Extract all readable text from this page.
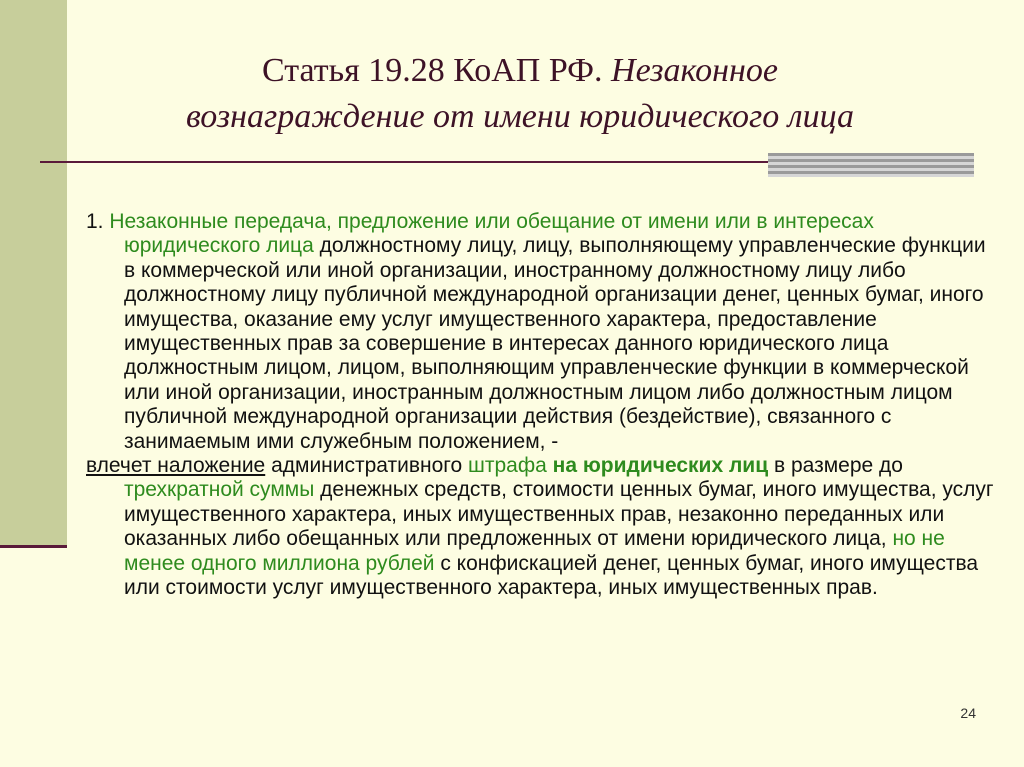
Статья 19.28 КоАП РФ. Незаконное
вознаграждение от имени юридического лица

1. Незаконные передача, предложение или обещание от имени или в интересах юридического лица должностному лицу, лицу, выполняющему управленческие функции в коммерческой или иной организации, иностранному должностному лицу либо должностному лицу публичной международной организации денег, ценных бумаг, иного имущества, оказание ему услуг имущественного характера, предоставление имущественных прав за совершение в интересах данного юридического лица должностным лицом, лицом, выполняющим управленческие функции в коммерческой или иной организации, иностранным должностным лицом либо должностным лицом публичной международной организации действия (бездействие), связанного с занимаемым ими служебным положением, -

влечет наложение административного штрафа на юридических лиц в размере до трехкратной суммы денежных средств, стоимости ценных бумаг, иного имущества, услуг имущественного характера, иных имущественных прав, незаконно переданных или оказанных либо обещанных или предложенных от имени юридического лица, но не менее одного миллиона рублей с конфискацией денег, ценных бумаг, иного имущества или стоимости услуг имущественного характера, иных имущественных прав.

24
